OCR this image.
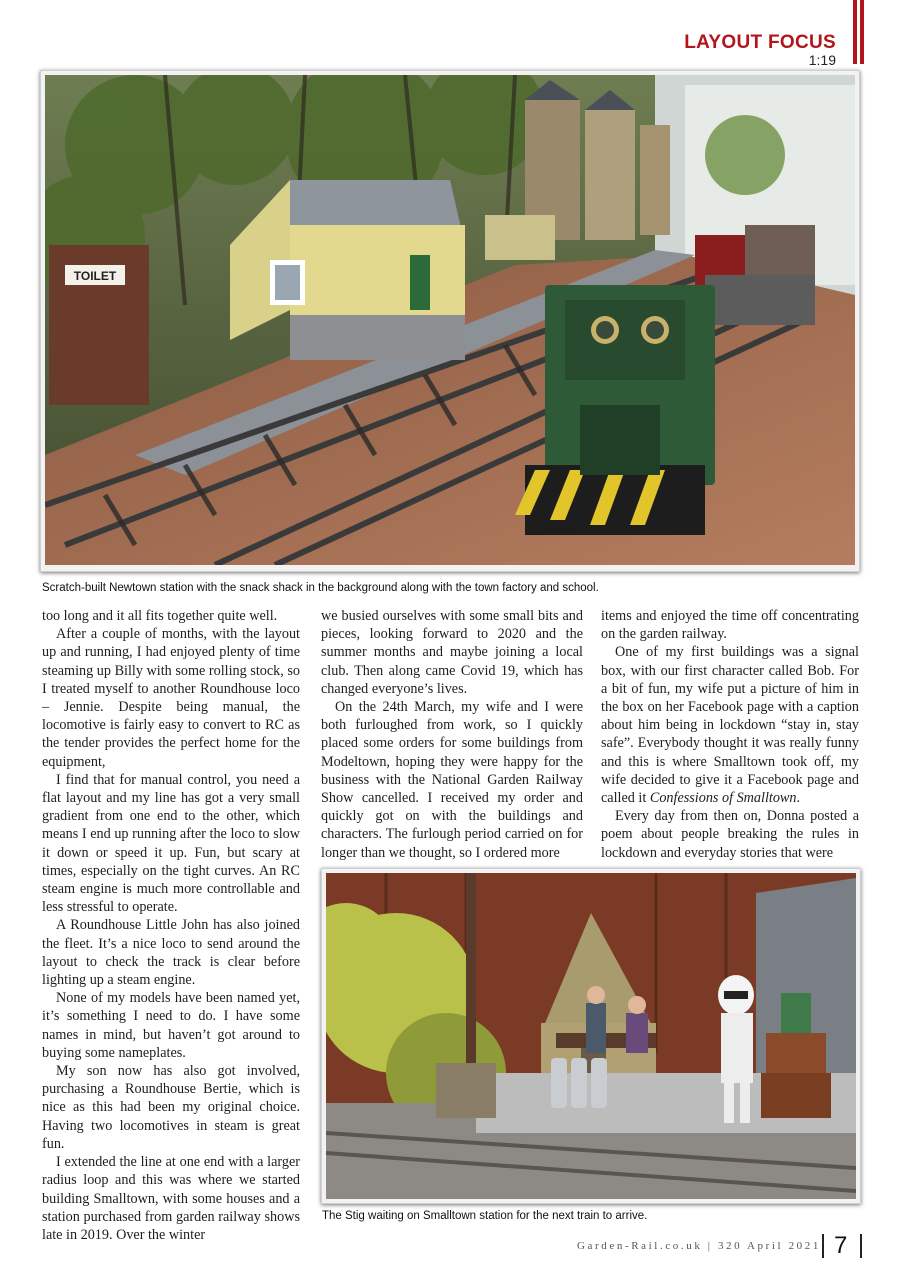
LAYOUT FOCUS
1:19
TOILET
Scratch-built Newtown station with the snack shack in the background along with the town factory and school.

too long and it all fits together quite well.

After a couple of months, with the layout up and running, I had enjoyed plenty of time steaming up Billy with some rolling stock, so I treated myself to another Roundhouse loco – Jennie. Despite being manual, the locomotive is fairly easy to convert to RC as the tender provides the perfect home for the equipment,

I find that for manual control, you need a flat layout and my line has got a very small gradient from one end to the other, which means I end up running after the loco to slow it down or speed it up. Fun, but scary at times, especially on the tight curves. An RC steam engine is much more controllable and less stressful to operate.

A Roundhouse Little John has also joined the fleet. It’s a nice loco to send around the layout to check the track is clear before lighting up a steam engine.

None of my models have been named yet, it’s something I need to do. I have some names in mind, but haven’t got around to buying some nameplates.

My son now has also got involved, purchasing a Roundhouse Bertie, which is nice as this had been my original choice. Having two locomotives in steam is great fun.

I extended the line at one end with a larger radius loop and this was where we started building Smalltown, with some houses and a station purchased from garden railway shows late in 2019. Over the winter

we busied ourselves with some small bits and pieces, looking forward to 2020 and the summer months and maybe joining a local club. Then along came Covid 19, which has changed everyone’s lives.

On the 24th March, my wife and I were both furloughed from work, so I quickly placed some orders for some buildings from Modeltown, hoping they were happy for the business with the National Garden Railway Show cancelled. I received my order and quickly got on with the buildings and characters. The furlough period carried on for longer than we thought, so I ordered more

items and enjoyed the time off concentrating on the garden railway.

One of my first buildings was a signal box, with our first character called Bob. For a bit of fun, my wife put a picture of him in the box on her Facebook page with a caption about him being in lockdown “stay in, stay safe”. Everybody thought it was really funny and this is where Smalltown took off, my wife decided to give it a Facebook page and called it Confessions of Smalltown.

Every day from then on, Donna posted a poem about people breaking the rules in lockdown and everyday stories that were

The Stig waiting on Smalltown station for the next train to arrive.
Garden-Rail.co.uk | 320 April 2021 7
